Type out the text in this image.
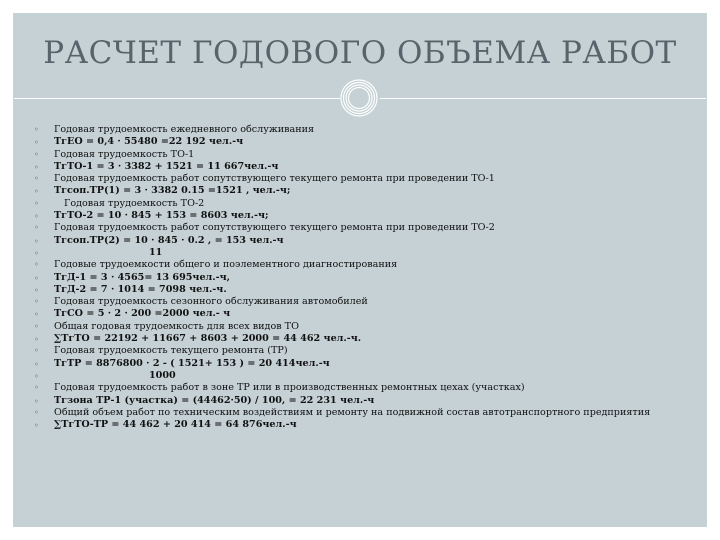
РАСЧЕТ ГОДОВОГО ОБЪЕМА РАБОТ
◦ Годовая трудоемкость ежедневного обслуживания
◦ ТгЕО = 0,4 · 55480 =22 192 чел.-ч
◦ Годовая трудоемкость ТО-1
◦ ТгТО-1 = 3 · 3382 + 1521 = 11 667чел.-ч
◦ Годовая трудоемкость работ сопутствующего текущего ремонта при проведении ТО-1
◦ Тгсоп.ТР(1) = 3 · 3382 0.15 =1521 , чел.-ч;
◦	Годовая трудоемкость ТО-2
◦ ТгТО-2 = 10 · 845 + 153 = 8603 чел.-ч;
◦ Годовая трудоемкость работ сопутствующего текущего ремонта при проведении ТО-2
◦ Тгсоп.ТР(2) = 10 · 845 · 0.2 , = 153 чел.-ч
◦	11
◦ Годовые трудоемкости общего и поэлементного диагностирования
◦ ТгД-1 = 3 · 4565= 13 695чел.-ч,
◦ ТгД-2 = 7 · 1014 = 7098 чел.-ч.
◦ Годовая трудоемкость сезонного обслуживания автомобилей
◦ ТгСО = 5 · 2 · 200 =2000 чел.- ч
◦ Общая годовая трудоемкость для всех видов ТО
◦ ∑ТгТО = 22192 + 11667 + 8603 + 2000 = 44 462 чел.-ч.
◦ Годовая трудоемкость текущего ремонта (ТР)
◦ ТгТР = 8876800 · 2 - ( 1521+ 153 ) = 20 414чел.-ч
◦	1000
◦ Годовая трудоемкость работ в зоне ТР или в производственных ремонтных цехах (участках)
◦ Тгзона ТР-1 (участка) = (44462·50) / 100, = 22 231 чел.-ч
◦ Общий объем работ по техническим воздействиям и ремонту на подвижной состав автотранспортного предприятия
◦ ∑ТгТО-ТР = 44 462 + 20 414 = 64 876чел.-ч
